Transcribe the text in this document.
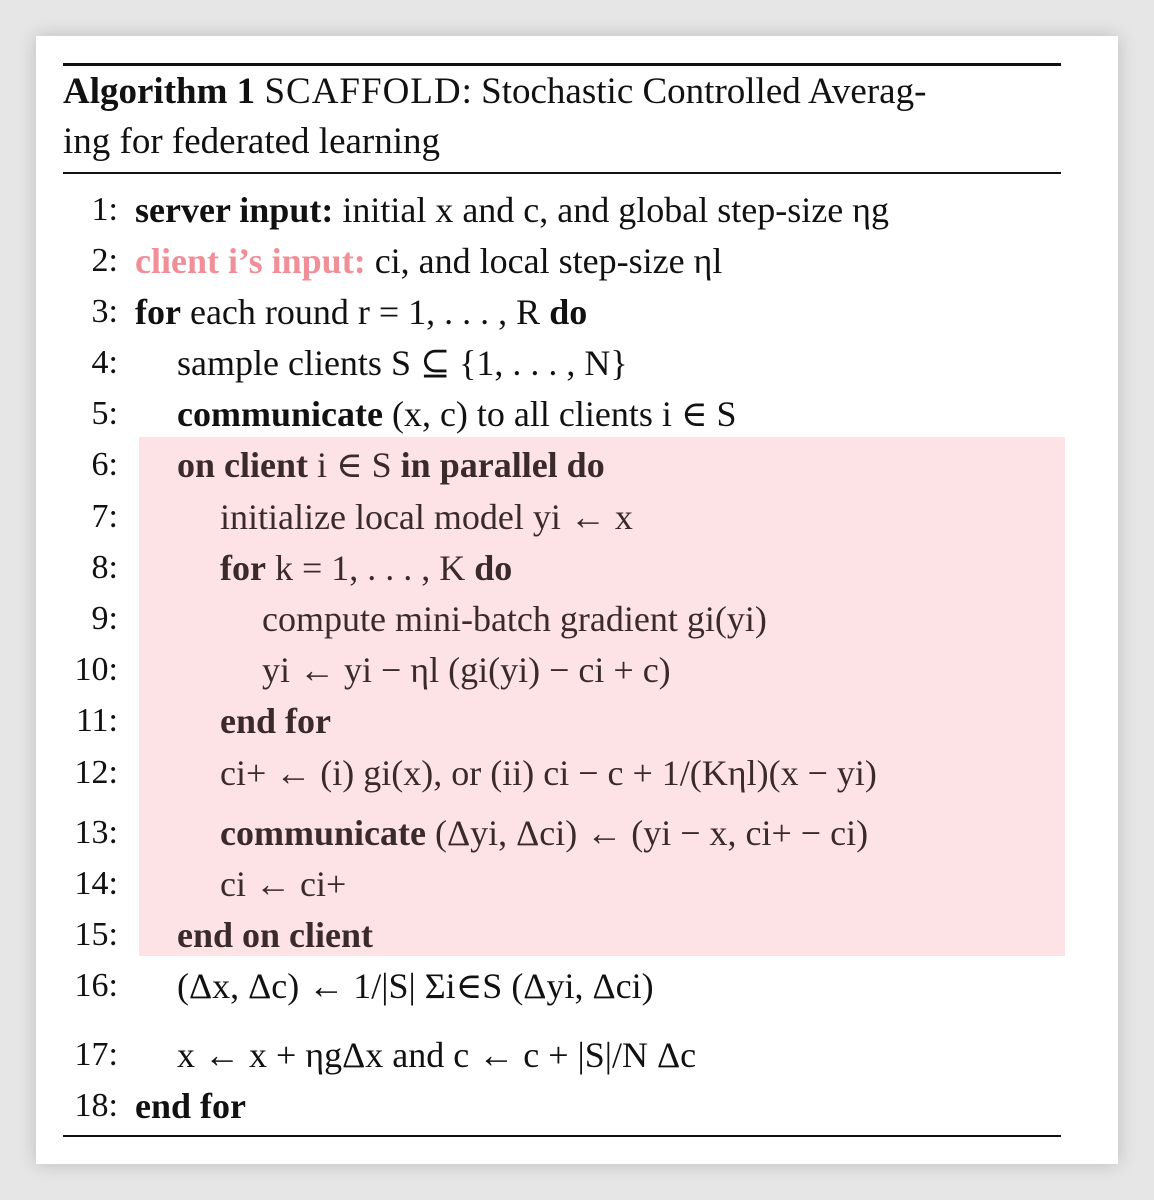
Algorithm 1 SCAFFOLD: Stochastic Controlled Averag-
ing for federated learning
1:
2:
3:
4:
5:
6:
7:
8:
9:
10:
11:
12:
13:
14:
15:
16:
17:
18:
server input: initial x and c, and global step-size ηg
client i’s input: ci, and local step-size ηl
for each round r = 1, . . . , R do
sample clients S ⊆ {1, . . . , N}
communicate (x, c) to all clients i ∈ S
on client i ∈ S in parallel do
initialize local model yi ← x
for k = 1, . . . , K do
compute mini-batch gradient gi(yi)
yi ← yi − ηl (gi(yi) − ci + c)
end for
ci+ ← (i) gi(x), or (ii) ci − c + 1/(Kηl)(x − yi)
communicate (Δyi, Δci) ← (yi − x, ci+ − ci)
ci ← ci+
end on client
(Δx, Δc) ← 1/|S| Σi∈S (Δyi, Δci)
x ← x + ηgΔx and c ← c + |S|/N Δc
end for
